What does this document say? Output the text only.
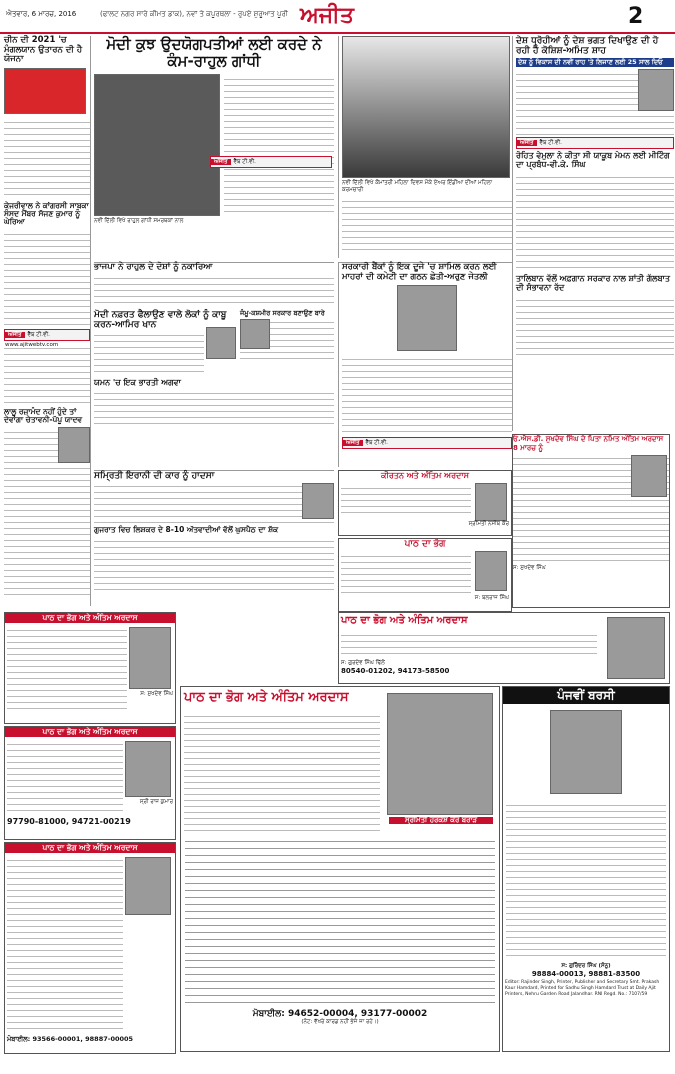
ਐਤਵਾਰ, 6 ਮਾਰਚ, 2016	(ਫਾਲਟ ਨਗਰ ਸਾਰੇ ਕੀਮਤ ਡਾਕ), ਨਵਾਂ ਤੇ ਕਪੂਰਥਲਾ - ਰੁਪਏ ਸ਼ੁਰੂਆਤ ਪੂਰੀ ਅਜੀਤ	2
ਚੀਨ ਦੀ 2021 'ਚ ਮੰਗਲਯਾਨ ਉਤਾਰਨ ਦੀ ਹੈ ਯੋਜਨਾ
ਕੇਜਰੀਵਾਲ ਨੇ ਕਾਂਗਰਸੀ ਸਾਬਕਾ ਸੰਸਦ ਮੈਂਬਰ ਸੱਜਣ ਕੁਮਾਰ ਨੂੰ ਘੇਰਿਆ
ਅਜੀਤ ਵੈੱਬ ਟੀ.ਵੀ. www.ajitwebtv.com
ਲਾਲੂ ਰਜ਼ਾਮੰਦ ਨਹੀਂ ਹੁੰਦੇ ਤਾਂ ਦੇਵਾਂਗਾ ਚੇਤਾਵਨੀ-ਪੱਪੂ ਯਾਦਵ
ਮੋਦੀ ਕੁਝ ਉਦਯੋਗਪਤੀਆਂ ਲਈ ਕਰਦੇ ਨੇ ਕੰਮ-ਰਾਹੁਲ ਗਾਂਧੀ
ਨਵੀਂ ਦਿੱਲੀ ਵਿਖੇ ਰਾਹੁਲ ਗਾਂਧੀ ਸਮਰਥਕਾਂ ਨਾਲ
ਅਜੀਤ ਵੈੱਬ ਟੀ.ਵੀ.
ਨਵੀਂ ਦਿੱਲੀ ਵਿਖੇ ਕੌਮਾਂਤਰੀ ਮਹਿਲਾ ਦਿਵਸ ਮੌਕੇ ਏਅਰ ਇੰਡੀਆ ਦੀਆਂ ਮਹਿਲਾ ਕਰਮਚਾਰੀ
ਭਾਜਪਾ ਨੇ ਰਾਹੁਲ ਦੇ ਦੋਸ਼ਾਂ ਨੂੰ ਨਕਾਰਿਆ
ਮੋਦੀ ਨਫ਼ਰਤ ਫੈਲਾਉਣ ਵਾਲੇ ਲੋਕਾਂ ਨੂੰ ਕਾਬੂ ਕਰਨ-ਆਮਿਰ ਖਾਨ
ਯਮਨ 'ਚ ਇਕ ਭਾਰਤੀ ਅਗਵਾ
ਜੰਮੂ-ਕਸ਼ਮੀਰ ਸਰਕਾਰ ਬਣਾਉਣ ਬਾਰੇ
ਸਰਕਾਰੀ ਬੈਂਕਾਂ ਨੂੰ ਇਕ ਦੂਜੇ 'ਚ ਸ਼ਾਮਿਲ ਕਰਨ ਲਈ ਮਾਹਰਾਂ ਦੀ ਕਮੇਟੀ ਦਾ ਗਠਨ ਛੇਤੀ-ਅਰੁਣ ਜੇਤਲੀ
ਅਜੀਤ ਵੈੱਬ ਟੀ.ਵੀ.
ਦੇਸ਼ ਧ੍ਰੋਹੀਆਂ ਨੂੰ ਦੇਸ਼ ਭਗਤ ਦਿਖਾਉਣ ਦੀ ਹੋ ਰਹੀ ਹੈ ਕੋਸ਼ਿਸ਼-ਅਮਿਤ ਸ਼ਾਹ
ਦੇਸ਼ ਨੂੰ ਵਿਕਾਸ ਦੀ ਨਵੀਂ ਰਾਹ 'ਤੇ ਲਿਜਾਣ ਲਈ 25 ਸਾਲ ਦਿਓ
ਅਜੀਤ ਵੈੱਬ ਟੀ.ਵੀ.
ਰੋਹਿਤ ਵੇਮੁਲਾ ਨੇ ਕੀਤਾ ਸੀ ਯਾਕੂਬ ਮੇਮਨ ਲਈ ਮੀਟਿੰਗ ਦਾ ਪ੍ਰਬੰਧ-ਵੀ.ਕੇ. ਸਿੰਘ
ਤਾਲਿਬਾਨ ਵੱਲੋਂ ਅਫ਼ਗਾਨ ਸਰਕਾਰ ਨਾਲ ਸ਼ਾਂਤੀ ਗੱਲਬਾਤ ਦੀ ਸੰਭਾਵਨਾ ਰੱਦ
ਸਮ੍ਰਿਤੀ ਇਰਾਨੀ ਦੀ ਕਾਰ ਨੂੰ ਹਾਦਸਾ
ਗੁਜਰਾਤ ਵਿਚ ਲਿਸ਼ਕਰ ਦੇ 8-10 ਅੱਤਵਾਦੀਆਂ ਵੱਲੋਂ ਘੁਸਪੈਠ ਦਾ ਸ਼ੱਕ
ਕੀਰਤਨ ਅਤੇ ਅੰਤਿਮ ਅਰਦਾਸ
ਸ੍ਰੀਮਤੀ ਨਸੀਬ ਕੌਰ
ਪਾਠ ਦਾ ਭੋਗ
ਸ: ਬਲਰਾਜ ਸਿੰਘ
ਓ.ਐਸ.ਡੀ. ਸੁਖਦੇਵ ਸਿੰਘ ਦੇ ਪਿਤਾ ਨਮਿਤ ਅੰਤਿਮ ਅਰਦਾਸ 8 ਮਾਰਚ ਨੂੰ
ਸ: ਸੁਖਦੇਵ ਸਿੰਘ
ਪਾਠ ਦਾ ਭੋਗ ਅਤੇ ਅੰਤਿਮ ਅਰਦਾਸ
ਸ: ਸੁਖਦੇਵ ਸਿੰਘ
ਪਾਠ ਦਾ ਭੋਗ ਅਤੇ ਅੰਤਿਮ ਅਰਦਾਸ
ਸ੍ਰੀ ਰਾਜ ਕੁਮਾਰ
97790-81000, 94721-00219
ਪਾਠ ਦਾ ਭੋਗ ਅਤੇ ਅੰਤਿਮ ਅਰਦਾਸ
ਮੋਬਾਈਲ: 93566-00001, 98887-00005
ਪਾਠ ਦਾ ਭੋਗ ਅਤੇ ਅੰਤਿਮ ਅਰਦਾਸ
ਸ੍ਰੀਮਤੀ ਹਰਕੇਸ਼ ਕੌਰ ਬਰਾੜ
ਮੋਬਾਈਲ: 94652-00004, 93177-00002
(ਨੋਟ: ਵੱਖਰੇ ਕਾਰਡ ਨਹੀਂ ਭੇਜੇ ਜਾ ਰਹੇ।)
ਪਾਠ ਦਾ ਭੋਗ ਅਤੇ ਅੰਤਿਮ ਅਰਦਾਸ
ਸ: ਗੁਰਦੇਵ ਸਿੰਘ ਢਿੱਲੋਂ
80540-01202, 94173-58500
ਪੰਜਵੀਂ ਬਰਸੀ
ਸ: ਗੁਰਿੰਦਰ ਸਿੰਘ (ਸੋਨੂ)
98884-00013, 98881-83500
Editor: Rajinder Singh, Printer, Publisher and Secretary Smt. Prakash Kaur Hamdard, Printed for Sadhu Singh Hamdard Trust at Daily Ajit Printers, Nehru Garden Road Jalandhar. RNI Regd. No.: 7107/59
